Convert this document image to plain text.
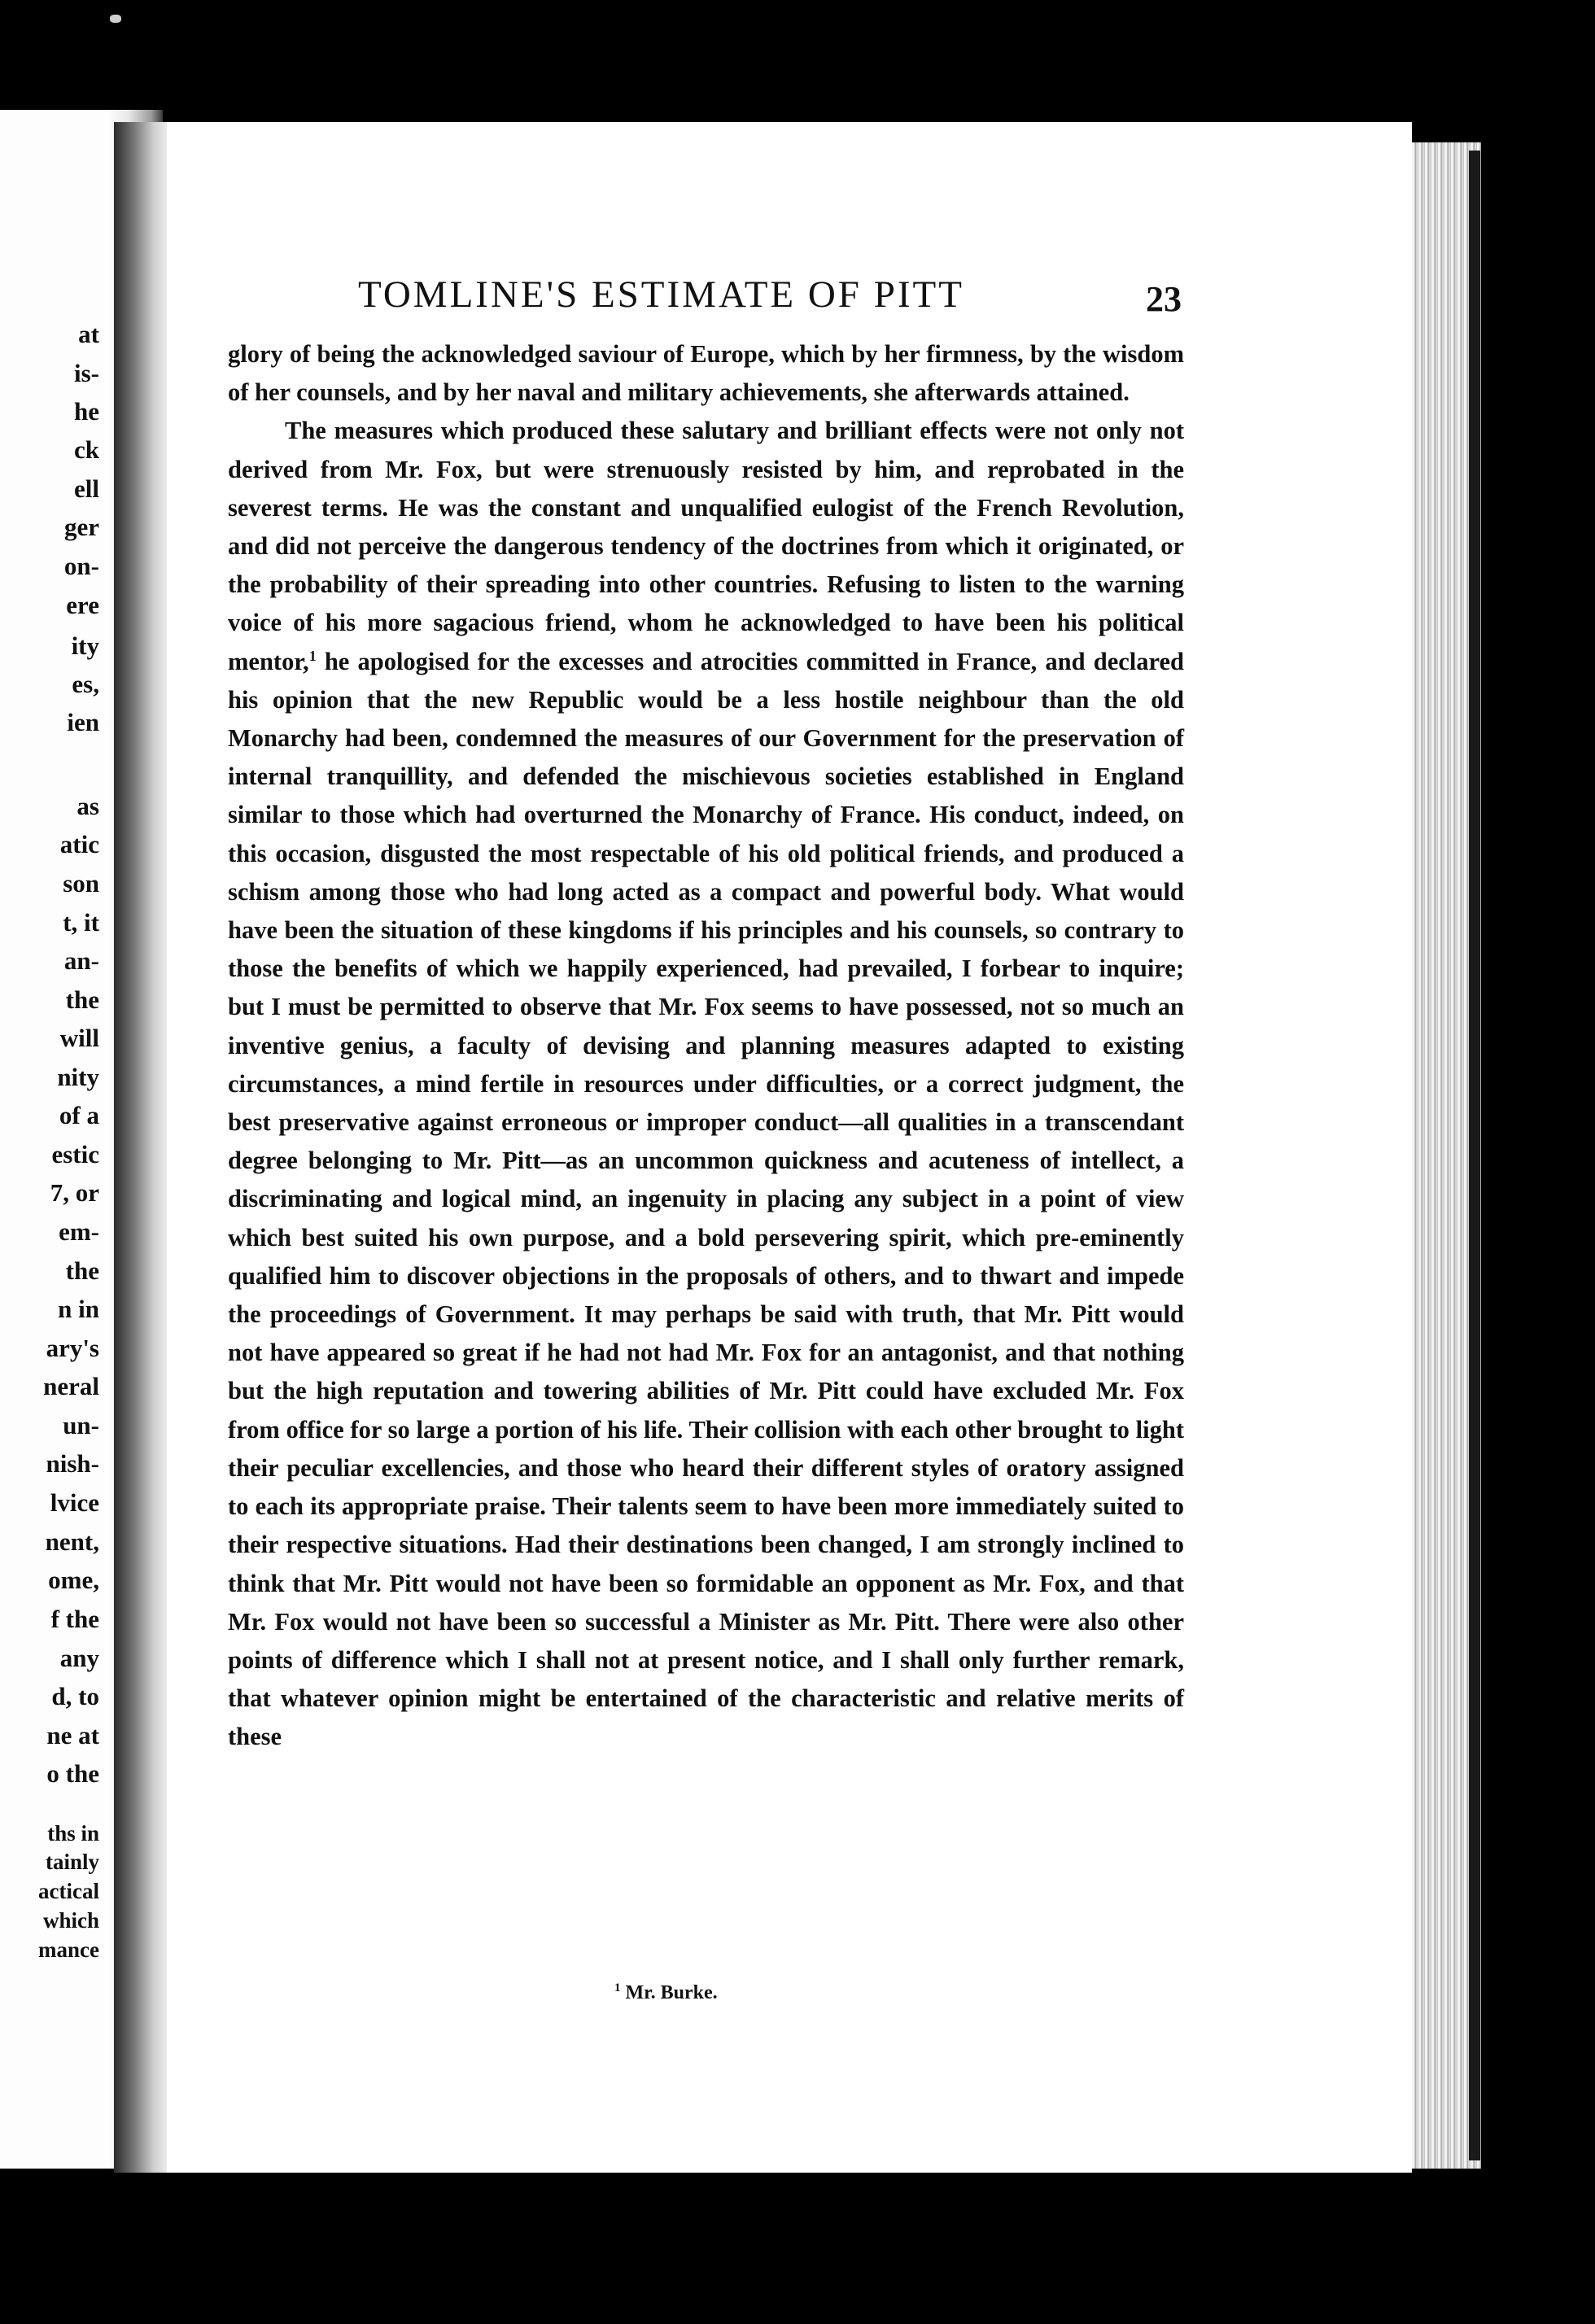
at
is-
he
ck
ell
ger
on-
ere
ity
es,
ien
as
atic
son
t, it
an-
the
will
nity
of a
estic
7, or
em-
the
n in
ary's
neral
un-
nish-
lvice
nent,
ome,
f the
any
d, to
ne at
o the
ths in
tainly
actical
which
mance
TOMLINE'S ESTIMATE OF PITT	23

glory of being the acknowledged saviour of Europe, which by her firmness, by the wisdom of her counsels, and by her naval and military achievements, she afterwards attained.

The measures which produced these salutary and brilliant effects were not only not derived from Mr. Fox, but were strenuously resisted by him, and reprobated in the severest terms. He was the constant and unqualified eulogist of the French Revolution, and did not perceive the dangerous tendency of the doctrines from which it originated, or the probability of their spreading into other countries. Refusing to listen to the warning voice of his more sagacious friend, whom he acknowledged to have been his political mentor,$^1$ he apologised for the excesses and atrocities committed in France, and declared his opinion that the new Republic would be a less hostile neighbour than the old Monarchy had been, condemned the measures of our Government for the preservation of internal tranquillity, and defended the mischievous societies established in England similar to those which had overturned the Monarchy of France. His conduct, indeed, on this occasion, disgusted the most respectable of his old political friends, and produced a schism among those who had long acted as a compact and powerful body. What would have been the situation of these kingdoms if his principles and his counsels, so contrary to those the benefits of which we happily experienced, had prevailed, I forbear to inquire; but I must be permitted to observe that Mr. Fox seems to have possessed, not so much an inventive genius, a faculty of devising and planning measures adapted to existing circumstances, a mind fertile in resources under difficulties, or a correct judgment, the best preservative against erroneous or improper conduct—all qualities in a transcendant degree belonging to Mr. Pitt—as an uncommon quickness and acuteness of intellect, a discriminating and logical mind, an ingenuity in placing any subject in a point of view which best suited his own purpose, and a bold persevering spirit, which pre-eminently qualified him to discover objections in the proposals of others, and to thwart and impede the proceedings of Government. It may perhaps be said with truth, that Mr. Pitt would not have appeared so great if he had not had Mr. Fox for an antagonist, and that nothing but the high reputation and towering abilities of Mr. Pitt could have excluded Mr. Fox from office for so large a portion of his life. Their collision with each other brought to light their peculiar excellencies, and those who heard their different styles of oratory assigned to each its appropriate praise. Their talents seem to have been more immediately suited to their respective situations. Had their destinations been changed, I am strongly inclined to think that Mr. Pitt would not have been so formidable an opponent as Mr. Fox, and that Mr. Fox would not have been so successful a Minister as Mr. Pitt. There were also other points of difference which I shall not at present notice, and I shall only further remark, that whatever opinion might be entertained of the characteristic and relative merits of these

$^1$ Mr. Burke.
